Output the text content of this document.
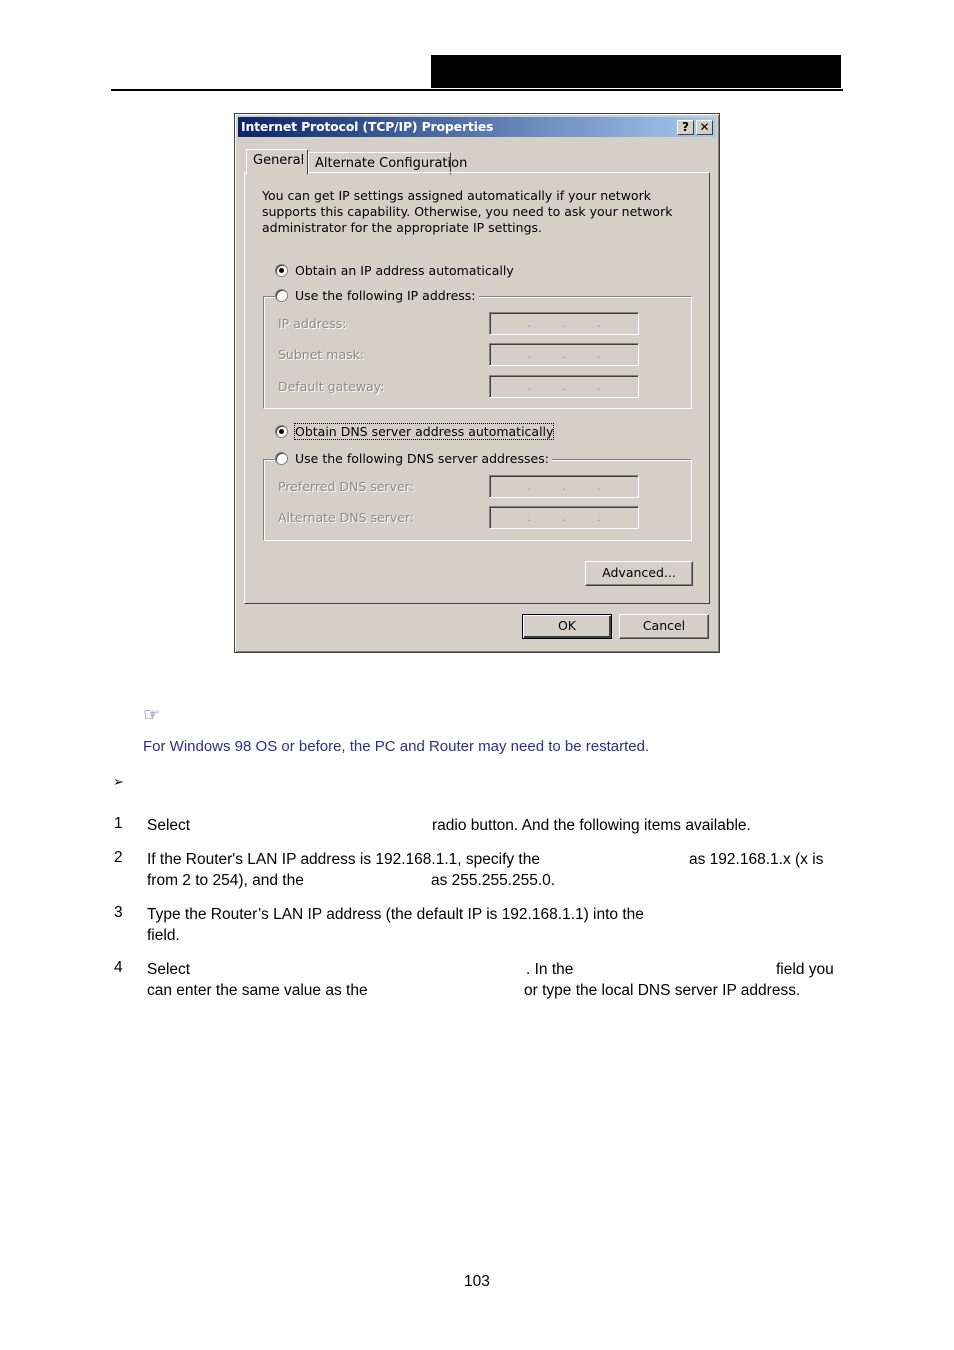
Internet Protocol (TCP/IP) Properties	? ✕
General Alternate Configuration
You can get IP settings assigned automatically if your network supports this capability. Otherwise, you need to ask your network administrator for the appropriate IP settings.
Obtain an IP address automatically
Use the following IP address:
IP address:	.	.	.
Subnet mask:	.	.	.
Default gateway:	.	.	.
Obtain DNS server address automatically
Use the following DNS server addresses:
Preferred DNS server:	.	.	.
Alternate DNS server:	.	.	.
Advanced...
OK	Cancel
☞
For Windows 98 OS or before, the PC and Router may need to be restarted.
➢
1 Select	radio button. And the following items available.
2 If the Router's LAN IP address is 192.168.1.1, specify the	as 192.168.1.x (x is
from 2 to 254), and the	as 255.255.255.0.
3 Type the Router’s LAN IP address (the default IP is 192.168.1.1) into the
field.
4 Select	. In the	field you
can enter the same value as the	or type the local DNS server IP address.
103
